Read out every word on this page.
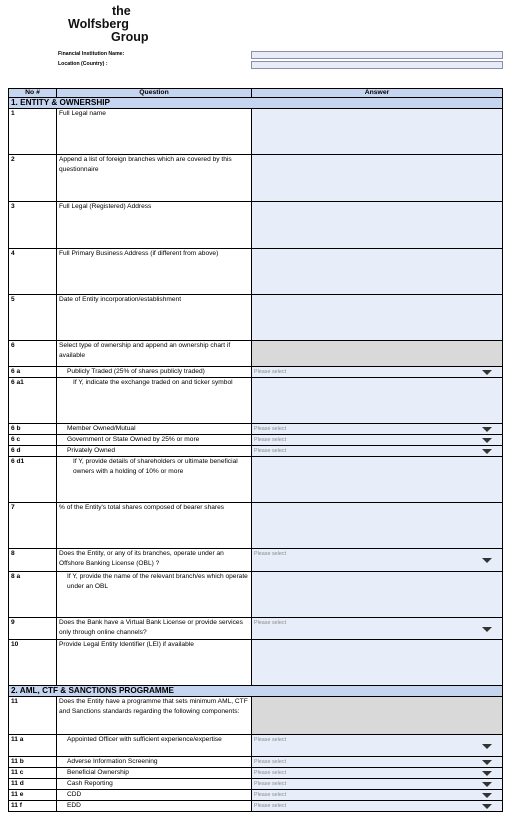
the
Wolfsberg
Group
Financial Institution Name:
Location (Country) :
No #	Question	Answer
1. ENTITY & OWNERSHIP		
1	Full Legal name	
2	Append a list of foreign branches which are covered by this questionnaire	
3	Full Legal (Registered) Address	
4	Full Primary Business Address (if different from above)	
5	Date of Entity incorporation/establishment	
6	Select type of ownership and append an ownership chart if available	
6 a	Publicly Traded (25% of shares publicly traded)	Please select

6 a1	If Y, indicate the exchange traded on and ticker symbol	

6 b	Member Owned/Mutual	Please select

6 c	Government or State Owned by 25% or more	Please select

6 d	Privately Owned	Please select

6 d1	If Y, provide details of shareholders or ultimate beneficial owners with a holding of 10% or more	

7	% of the Entity's total shares composed of bearer shares	
8	Does the Entity, or any of its branches, operate under an Offshore Banking License (OBL) ?	Please select

8 a	If Y, provide the name of the relevant branch/es which operate under an OBL	

9	Does the Bank have a Virtual Bank License or provide services only through online channels?	Please select

10	Provide Legal Entity Identifier (LEI) if available	
2. AML, CTF & SANCTIONS PROGRAMME		
11	Does the Entity have a programme that sets minimum AML, CTF and Sanctions standards regarding the following components:	
11 a	Appointed Officer with sufficient experience/expertise	Please select

11 b	Adverse Information Screening	Please select

11 c	Beneficial Ownership	Please select

11 d	Cash Reporting	Please select

11 e	CDD	Please select

11 f	EDD	Please select
